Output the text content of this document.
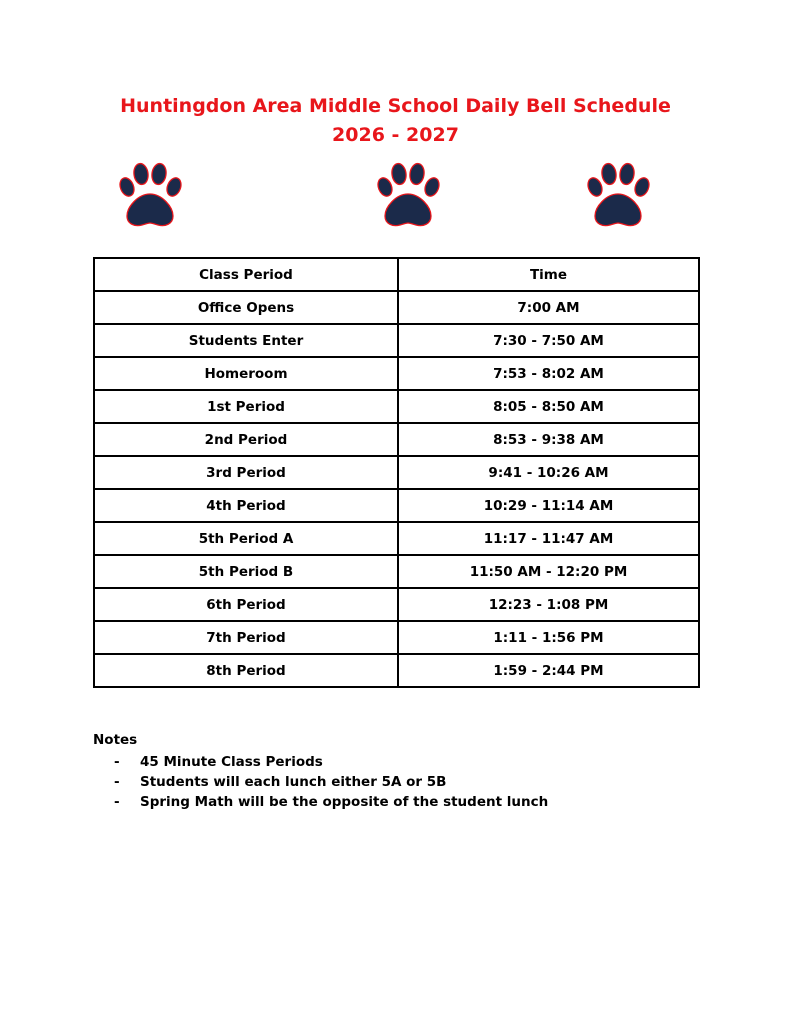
Huntingdon Area Middle School Daily Bell Schedule
2026 - 2027
Class Period	Time
Office Opens	7:00 AM
Students Enter	7:30 - 7:50 AM
Homeroom	7:53 - 8:02 AM
1st Period	8:05 - 8:50 AM
2nd Period	8:53 - 9:38 AM
3rd Period	9:41 - 10:26 AM
4th Period	10:29 - 11:14 AM
5th Period A	11:17 - 11:47 AM
5th Period B	11:50 AM - 12:20 PM
6th Period	12:23 - 1:08 PM
7th Period	1:11 - 1:56 PM
8th Period	1:59 - 2:44 PM
Notes
- 45 Minute Class Periods
- Students will each lunch either 5A or 5B
- Spring Math will be the opposite of the student lunch
